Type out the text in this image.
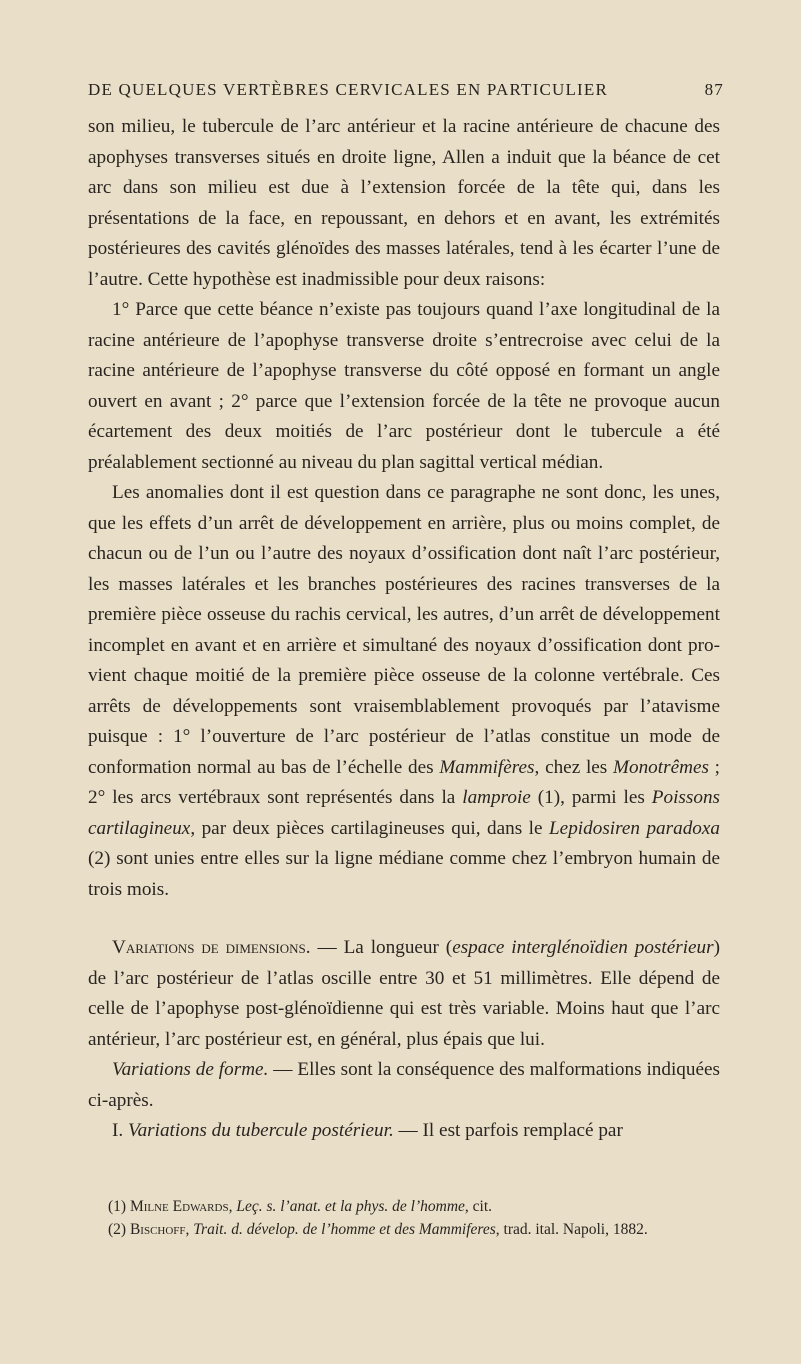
DE QUELQUES VERTÈBRES CERVICALES EN PARTICULIER	87

son milieu, le tubercule de l’arc antérieur et la racine antérieure de chacune des apophyses transverses situés en droite ligne, Allen a induit que la béance de cet arc dans son milieu est due à l’extension forcée de la tête qui, dans les présentations de la face, en repoussant, en dehors et en avant, les extrémités postérieures des cavités glénoïdes des masses latérales, tend à les écarter l’une de l’autre. Cette hypothèse est inadmissible pour deux raisons:

1° Parce que cette béance n’existe pas toujours quand l’axe longitudinal de la racine antérieure de l’apophyse transverse droite s’entrecroise avec celui de la racine antérieure de l’apophyse transverse du côté opposé en formant un angle ouvert en avant ; 2° parce que l’extension forcée de la tête ne provoque aucun écartement des deux moitiés de l’arc postérieur dont le tubercule a été préalablement sectionné au niveau du plan sagittal vertical médian.

Les anomalies dont il est question dans ce paragraphe ne sont donc, les unes, que les effets d’un arrêt de développement en arrière, plus ou moins complet, de chacun ou de l’un ou l’autre des noyaux d’ossification dont naît l’arc postérieur, les masses latérales et les branches postérieures des racines transverses de la première pièce osseuse du rachis cervical, les autres, d’un arrêt de développement incomplet en avant et en arrière et simultané des noyaux d’ossification dont provient chaque moitié de la première pièce osseuse de la colonne vertébrale. Ces arrêts de développements sont vraisemblablement provoqués par l’atavisme puisque : 1° l’ouverture de l’arc postérieur de l’atlas constitue un mode de conformation normal au bas de l’échelle des Mammifères, chez les Monotrêmes ; 2° les arcs vertébraux sont représentés dans la lamproie (1), parmi les Poissons cartilagineux, par deux pièces cartilagineuses qui, dans le Lepidosiren paradoxa (2) sont unies entre elles sur la ligne médiane comme chez l’embryon humain de trois mois.

Variations de dimensions. — La longueur (espace interglénoïdien postérieur) de l’arc postérieur de l’atlas oscille entre 30 et 51 millimètres. Elle dépend de celle de l’apophyse post-glénoïdienne qui est très variable. Moins haut que l’arc antérieur, l’arc postérieur est, en général, plus épais que lui.

Variations de forme. — Elles sont la conséquence des malformations indiquées ci-après.

I. Variations du tubercule postérieur. — Il est parfois remplacé par

(1) Milne Edwards, Leç. s. l’anat. et la phys. de l’homme, cit.

(2) Bischoff, Trait. d. dévelop. de l’homme et des Mammiferes, trad. ital. Napoli, 1882.
